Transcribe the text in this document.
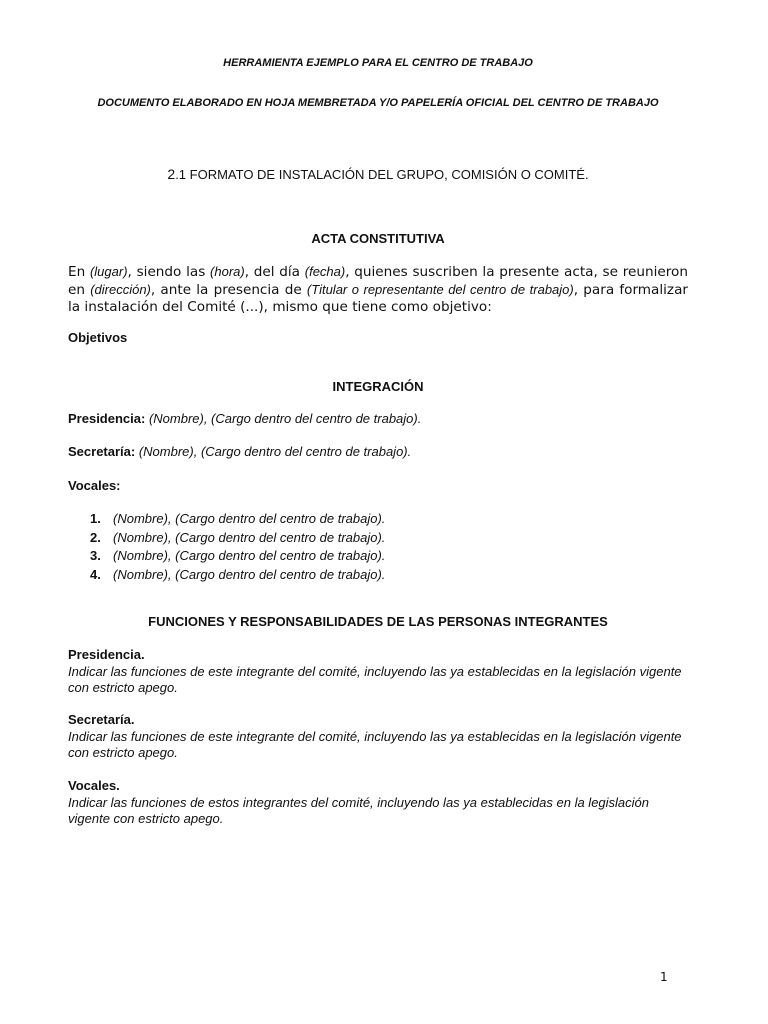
HERRAMIENTA EJEMPLO PARA EL CENTRO DE TRABAJO
DOCUMENTO ELABORADO EN HOJA MEMBRETADA Y/O PAPELERÍA OFICIAL DEL CENTRO DE TRABAJO
2.1 FORMATO DE INSTALACIÓN DEL GRUPO, COMISIÓN O COMITÉ.
ACTA CONSTITUTIVA
En (lugar), siendo las (hora), del día (fecha), quienes suscriben la presente acta, se reunieron en (dirección), ante la presencia de (Titular o representante del centro de trabajo), para formalizar la instalación del Comité (...), mismo que tiene como objetivo:
Objetivos
INTEGRACIÓN
Presidencia: (Nombre), (Cargo dentro del centro de trabajo).
Secretaría: (Nombre), (Cargo dentro del centro de trabajo).
Vocales:
1. (Nombre), (Cargo dentro del centro de trabajo).
2. (Nombre), (Cargo dentro del centro de trabajo).
3. (Nombre), (Cargo dentro del centro de trabajo).
4. (Nombre), (Cargo dentro del centro de trabajo).
FUNCIONES Y RESPONSABILIDADES DE LAS PERSONAS INTEGRANTES
Presidencia.
Indicar las funciones de este integrante del comité, incluyendo las ya establecidas en la legislación vigente con estricto apego.
Secretaría.
Indicar las funciones de este integrante del comité, incluyendo las ya establecidas en la legislación vigente con estricto apego.
Vocales.
Indicar las funciones de estos integrantes del comité, incluyendo las ya establecidas en la legislación vigente con estricto apego.
1
